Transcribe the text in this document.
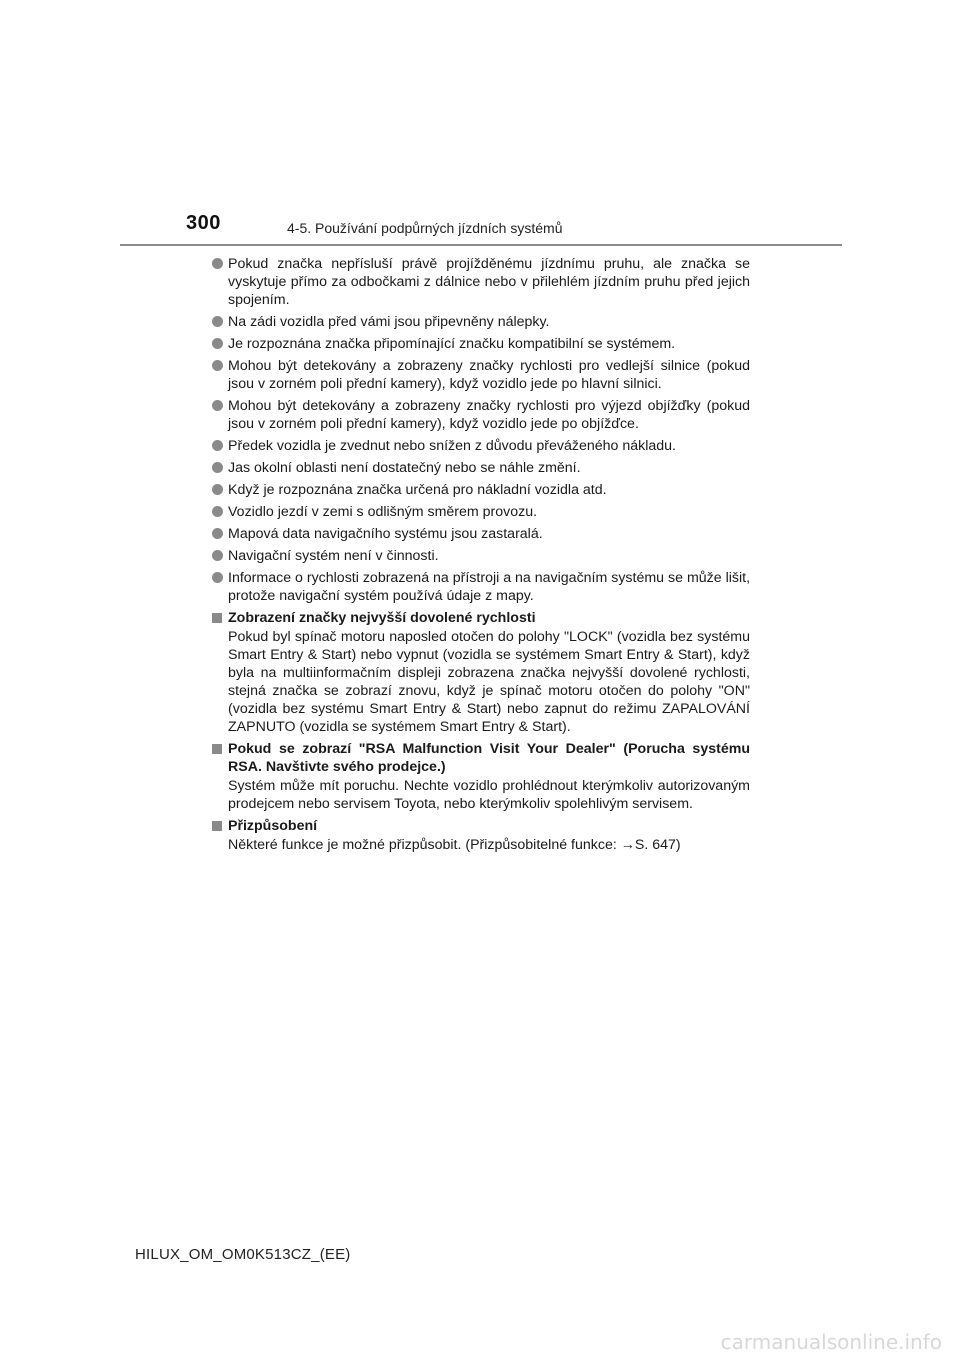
300	4-5. Používání podpůrných jízdních systémů
Pokud značka nepřísluší právě projížděnému jízdnímu pruhu, ale značka se vyskytuje přímo za odbočkami z dálnice nebo v přilehlém jízdním pruhu před jejich spojením.
Na zádi vozidla před vámi jsou připevněny nálepky.
Je rozpoznána značka připomínající značku kompatibilní se systémem.
Mohou být detekovány a zobrazeny značky rychlosti pro vedlejší silnice (pokud jsou v zorném poli přední kamery), když vozidlo jede po hlavní silnici.
Mohou být detekovány a zobrazeny značky rychlosti pro výjezd objížďky (pokud jsou v zorném poli přední kamery), když vozidlo jede po objížďce.
Předek vozidla je zvednut nebo snížen z důvodu převáženého nákladu.
Jas okolní oblasti není dostatečný nebo se náhle změní.
Když je rozpoznána značka určená pro nákladní vozidla atd.
Vozidlo jezdí v zemi s odlišným směrem provozu.
Mapová data navigačního systému jsou zastaralá.
Navigační systém není v činnosti.
Informace o rychlosti zobrazená na přístroji a na navigačním systému se může lišit, protože navigační systém používá údaje z mapy.
Zobrazení značky nejvyšší dovolené rychlosti
Pokud byl spínač motoru naposled otočen do polohy "LOCK" (vozidla bez systému Smart Entry & Start) nebo vypnut (vozidla se systémem Smart Entry & Start), když byla na multiinformačním displeji zobrazena značka nejvyšší dovolené rychlosti, stejná značka se zobrazí znovu, když je spínač motoru otočen do polohy "ON" (vozidla bez systému Smart Entry & Start) nebo zapnut do režimu ZAPALOVÁNÍ ZAPNUTO (vozidla se systémem Smart Entry & Start).
Pokud se zobrazí "RSA Malfunction Visit Your Dealer" (Porucha systému RSA. Navštivte svého prodejce.)
Systém může mít poruchu. Nechte vozidlo prohlédnout kterýmkoliv autorizovaným prodejcem nebo servisem Toyota, nebo kterýmkoliv spolehlivým servisem.
Přizpůsobení
Některé funkce je možné přizpůsobit. (Přizpůsobitelné funkce: →S. 647)
HILUX_OM_OM0K513CZ_(EE)
carmanualsonline.info
